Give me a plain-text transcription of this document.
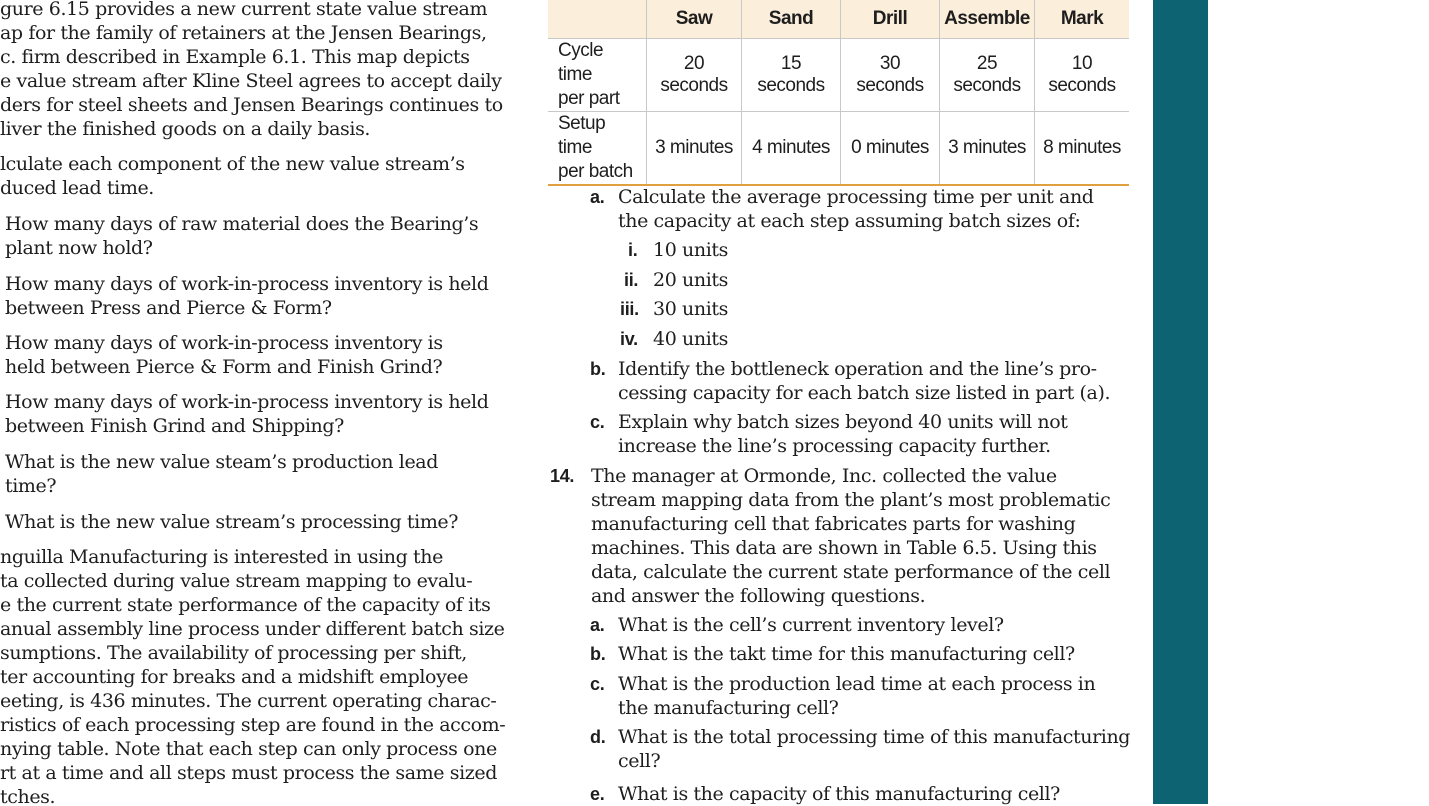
gure 6.15 provides a new current state value stream
ap for the family of retainers at the Jensen Bearings,
c. firm described in Example 6.1. This map depicts
e value stream after Kline Steel agrees to accept daily
ders for steel sheets and Jensen Bearings continues to
liver the finished goods on a daily basis.
lculate each component of the new value stream’s
duced lead time.
How many days of raw material does the Bearing’s
plant now hold?
How many days of work-in-process inventory is held
between Press and Pierce & Form?
How many days of work-in-process inventory is
held between Pierce & Form and Finish Grind?
How many days of work-in-process inventory is held
between Finish Grind and Shipping?
What is the new value steam’s production lead
time?
What is the new value stream’s processing time?
nguilla Manufacturing is interested in using the
ta collected during value stream mapping to evalu-
e the current state performance of the capacity of its
anual assembly line process under different batch size
sumptions. The availability of processing per shift,
ter accounting for breaks and a midshift employee
eeting, is 436 minutes. The current operating charac-
ristics of each processing step are found in the accom-
nying table. Note that each step can only process one
rt at a time and all steps must process the same sized
tches.
	Saw	Sand	Drill	Assemble	Mark
Cycle time
per part	20 seconds	15 seconds	30 seconds	25 seconds	10 seconds
Setup time
per batch	3 minutes	4 minutes	0 minutes	3 minutes	8 minutes
a. Calculate the average processing time per unit and
the capacity at each step assuming batch sizes of:
i. 10 units
ii. 20 units
iii. 30 units
iv. 40 units
b. Identify the bottleneck operation and the line’s pro-
cessing capacity for each batch size listed in part (a).
c. Explain why batch sizes beyond 40 units will not
increase the line’s processing capacity further.
14. The manager at Ormonde, Inc. collected the value
stream mapping data from the plant’s most problematic
manufacturing cell that fabricates parts for washing
machines. This data are shown in Table 6.5. Using this
data, calculate the current state performance of the cell
and answer the following questions.
a. What is the cell’s current inventory level?
b. What is the takt time for this manufacturing cell?
c. What is the production lead time at each process in
the manufacturing cell?
d. What is the total processing time of this manufacturing
cell?
e. What is the capacity of this manufacturing cell?
